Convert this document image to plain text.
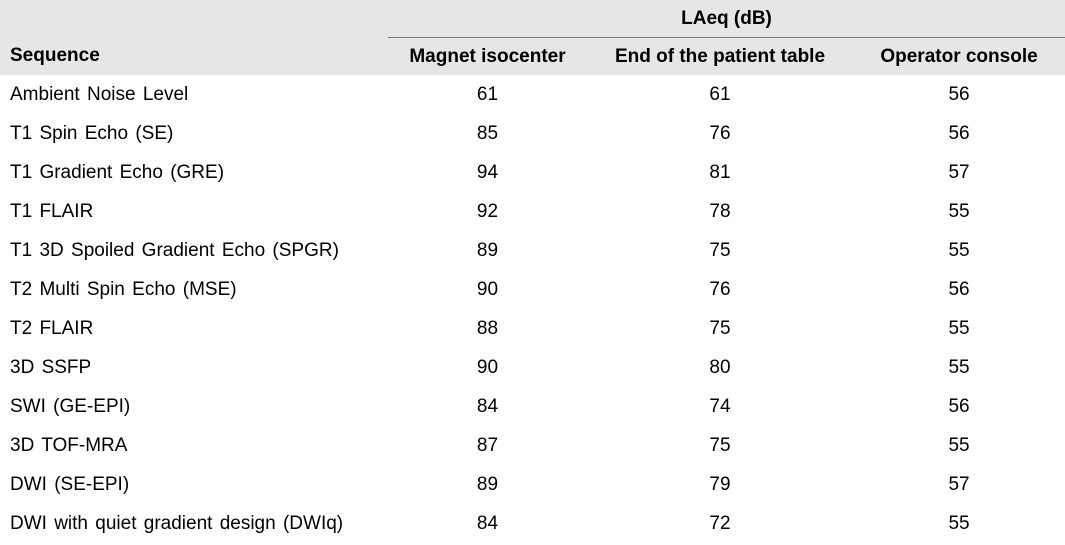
Sequence	LAeq (dB)		
	Magnet isocenter	End of the patient table	Operator console
Ambient Noise Level	61	61	56
T1 Spin Echo (SE)	85	76	56
T1 Gradient Echo (GRE)	94	81	57
T1 FLAIR	92	78	55
T1 3D Spoiled Gradient Echo (SPGR)	89	75	55
T2 Multi Spin Echo (MSE)	90	76	56
T2 FLAIR	88	75	55
3D SSFP	90	80	55
SWI (GE-EPI)	84	74	56
3D TOF-MRA	87	75	55
DWI (SE-EPI)	89	79	57
DWI with quiet gradient design (DWIq)	84	72	55
